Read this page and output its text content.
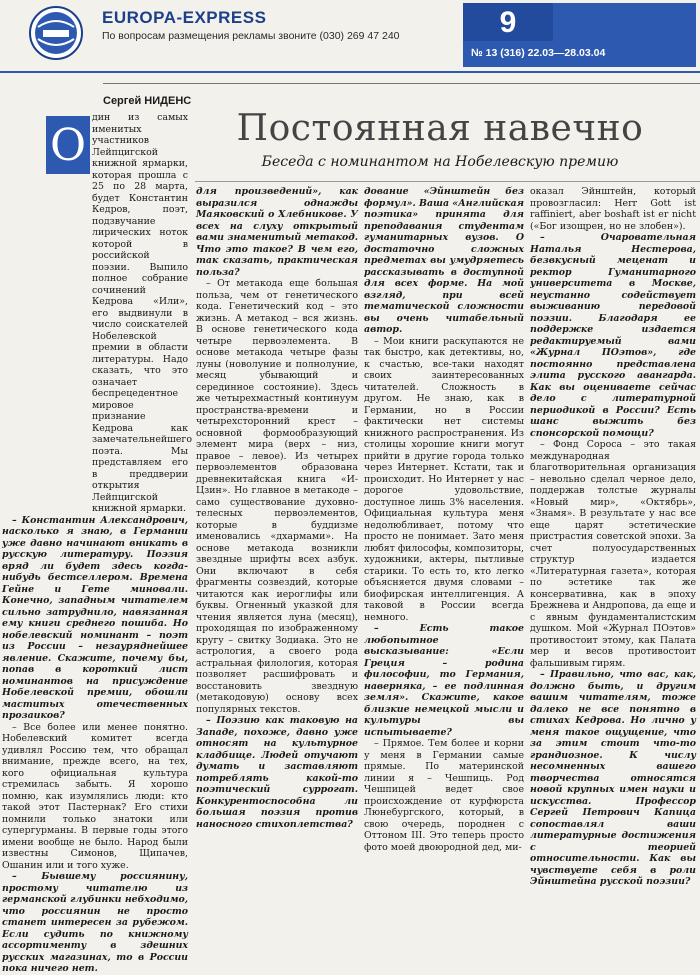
EUROPA-EXPRESS
По вопросам размещения рекламы звоните (030) 269 47 240	9
№ 13 (316) 22.03—28.03.04
Сергей НИДЕНС
Постоянная навечно
Беседа с номинантом на Нобелевскую премию

дин из самых именитых участников Лейпцигской книжной ярмарки, которая прошла с 25 по 28 марта, будет Константин Кедров, поэт, подзвучание лирических ноток которой в российской поэзии. Выпило полное собрание сочинений Кедрова «Или», его выдвинули в число соискателей Нобелевской премии в области литературы. Надо сказать, что это означает беспрецедентное мировое признание Кедрова как замечательнейшего поэта. Мы представляем его в преддверии открытия Лейпцигской книжной ярмарки.

– Константин Александрович, насколько я знаю, в Германии уже давно начинают вникать в русскую литературу. Поэзия вряд ли будет здесь когда-нибудь бестселлером. Времена Гейне и Гете миновали. Конечно, западным читателем сильно затруднило, навязанная ему книги среднего пошиба. Но нобелевский номинант – поэт из России – незауряднейшее явление. Скажите, почему бы, попав в короткий лист номинантов на присуждение Нобелевской премии, обошли маститых отечественных прозаиков?

– Все более или менее понятно. Нобелевский комитет всегда удивлял Россию тем, что обращал внимание, прежде всего, на тех, кого официальная культура стремилась забыть. Я хорошо помню, как изумлялись люди: кто такой этот Пастернак? Его стихи помнили только знатоки или супергурманы. В первые годы этого имени вообще не было. Народ были известны Симонов, Щипачев, Ошанин или и того хуже.

– Бывшему россиянину, простому читателю из германской глубинки небходимо, что россиянин не просто станет интересен за рубежом. Если судить по книжному ассортименту в здешних русских магазинах, то в России пока ничего нет.

О

для произведений», как выразился однажды Маяковский о Хлебникове. У всех на слуху открытый вами знаменитый метакод. Что это такое? В чем его, так сказать, практическая польза?

– От метакода еще большая польза, чем от генетического кода. Генетический код – это жизнь. А метакод – вся жизнь. В основе генетического кода четыре первоэлемента. В основе метакода четыре фазы луны (новолуние и полнолуние, месяц убывающий и серединное состояние). Здесь же четырехмастный континуум пространства-времени и четырехсторонний крест – основной формообразующий элемент мира (верх – низ, правое – левое). Из четырех первоэлементов образована древнекитайская книга «И-Цзин». Но главное в метакоде – само существование духовно-телесных первоэлементов, которые в буддизме именовались «дхармами». На основе метакода возникли звездные шрифты всех азбук. Они включают в себя фрагменты созвездий, которые читаются как иероглифы или буквы. Огненный указкой для чтения является луна (месяц), проходящая по изображенному кругу – свитку Зодиака. Это не астрология, а своего рода астральная филология, которая позволяет расшифровать и восстановить звездную (метакодовую) основу всех популярных текстов.

– Поэзию как таковую на Западе, похоже, давно уже относят на культурное кладбище. Людей отучают думать и заставляют потреблять какой-то поэтический суррогат. Конкурентоспособна ли большая поэзия против наносного стихоплетства?

дование «Эйнштейн без формул». Ваша «Английская поэтика» принята для преподавания студентам гуманитарных вузов. О достаточно сложных предметах вы умудряетесь рассказывать в доступной для всех форме. На мой взгляд, при всей тематической сложности вы очень читабельный автор.

– Мои книги раскупаются не так быстро, как детективы, но, к счастью, все-таки находят своих заинтересованных читателей. Сложность в другом. Не знаю, как в Германии, но в России фактически нет системы книжного распространения. Из столицы хорошие книги могут прийти в другие города только через Интернет. Кстати, так и происходит. Но Интернет у нас дорогое удовольствие, доступное лишь 3% населения. Официальная культура меня недолюбливает, потому что просто не понимает. Зато меня любят философы, композиторы, художники, актеры, пытливые старики. То есть то, кто легко объясняется двумя словами – биофирская интеллигенция. А таковой в России всегда немного.

– Есть такое любопытное высказывание: «Если Греция – родина философии, то Германия, наверняка, – ее подлинная земля». Скажите, какое близкие немецкой мысли и культуры вы испытываете?

– Прямое. Тем более и корни у меня в Германии самые прямые. По материнской линии я – Чешпиць. Род Чешпицей ведет свое происхождение от курфюрста Люнебургского, который, в свою очередь, породнен с Оттоном III. Это теперь просто фото моей двоюродной дед, ми-

оказал Эйнштейн, который провозгласил: Herr Gott ist raffiniert, aber boshaft ist er nicht («Бог изощрен, но не злобен»).

– Очаровательная Наталья Нестерова, безвкусный меценат и ректор Гуманитарного университета в Москве, неустанно содействует выживанию передовой поэзии. Благодаря ее поддержке издается редактируемый вами «Журнал ПОэтов», где постоянно представлена элита русского авангарда. Как вы оцениваете сейчас дело с литературной периодикой в России? Есть шанс выжить без спонсорской помощи?

– Фонд Сороса – это такая международная благотворительная организация – невольно сделал черное дело, поддержав толстые журналы «Новый мир», «Октябрь», «Знамя». В результате у нас все еще царят эстетические пристрастия советской эпохи. За счет полуосударственных структур издается «Литературная газета», которая по эстетике так же консервативна, как в эпоху Брежнева и Андропова, да еще и с явным фундаменталистским душком. Мой «Журнал ПОэтов» противостоит этому, как Палата мер и весов противостоит фальшивым гирям.

– Правильно, что вас, как, должно быть, и другим вашим читателям, тоже далеко не все понятно в стихах Кедрова. Но лично у меня такое ощущение, что за этим стоит что-то грандиозное. К числу несомненных вашего творчества относятся новой крупных имен науки и искусства. Профессор Сергей Петрович Капица сопоставлял ваши литературные достижения с теорией относительности. Как вы чувствуете себя в роли Эйнштейна русской поэзии?
